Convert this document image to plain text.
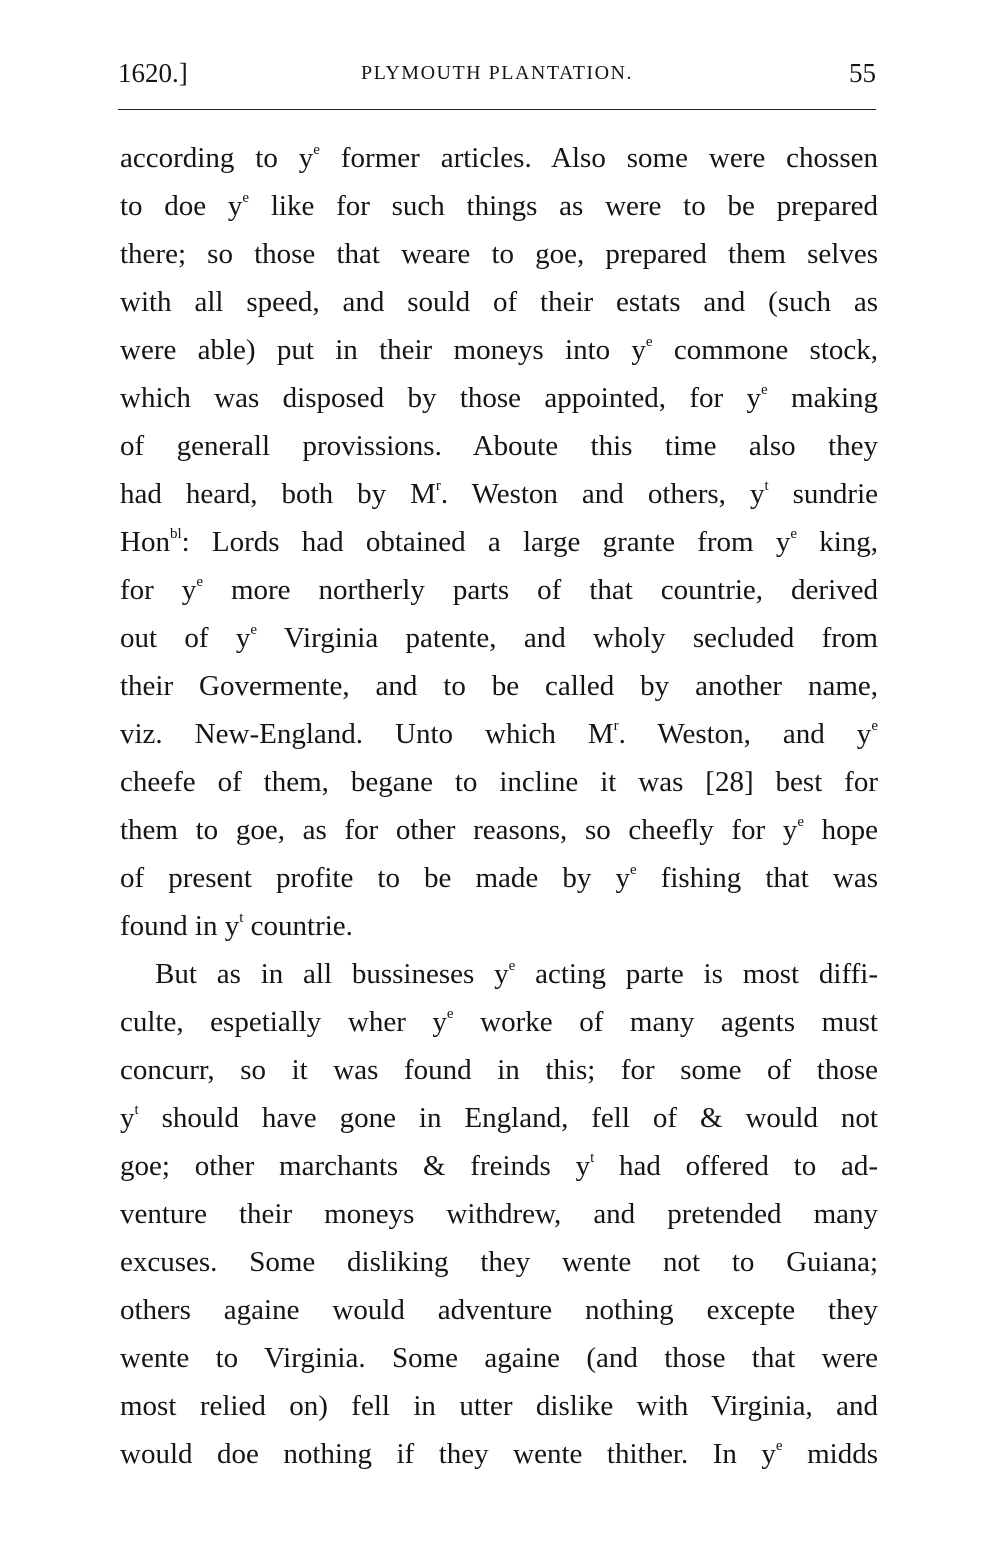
1620.]	PLYMOUTH PLANTATION.	55
according to $y^e$ former articles. Also some were chossen
to doe $y^e$ like for such things as were to be prepared
there; so those that weare to goe, prepared them selves
with all speed, and sould of their estats and (such as
were able) put in their moneys into $y^e$ commone stock,
which was disposed by those appointed, for $y^e$ making
of generall provissions. Aboute this time also they
had heard, both by $M^r$. Weston and others, $y^t$ sundrie
Hon$^{bl}$: Lords had obtained a large grante from $y^e$ king,
for $y^e$ more northerly parts of that countrie, derived
out of $y^e$ Virginia patente, and wholy secluded from
their Govermente, and to be called by another name,
viz. New-England. Unto which $M^r$. Weston, and $y^e$
cheefe of them, begane to incline it was [28] best for
them to goe, as for other reasons, so cheefly for $y^e$ hope
of present profite to be made by $y^e$ fishing that was
found in $y^t$ countrie.
But as in all bussineses $y^e$ acting parte is most diffi-
culte, espetially wher $y^e$ worke of many agents must
concurr, so it was found in this; for some of those
$y^t$ should have gone in England, fell of & would not
goe; other marchants & freinds $y^t$ had offered to ad-
venture their moneys withdrew, and pretended many
excuses. Some disliking they wente not to Guiana;
others againe would adventure nothing excepte they
wente to Virginia. Some againe (and those that were
most relied on) fell in utter dislike with Virginia, and
would doe nothing if they wente thither. In $y^e$ midds
